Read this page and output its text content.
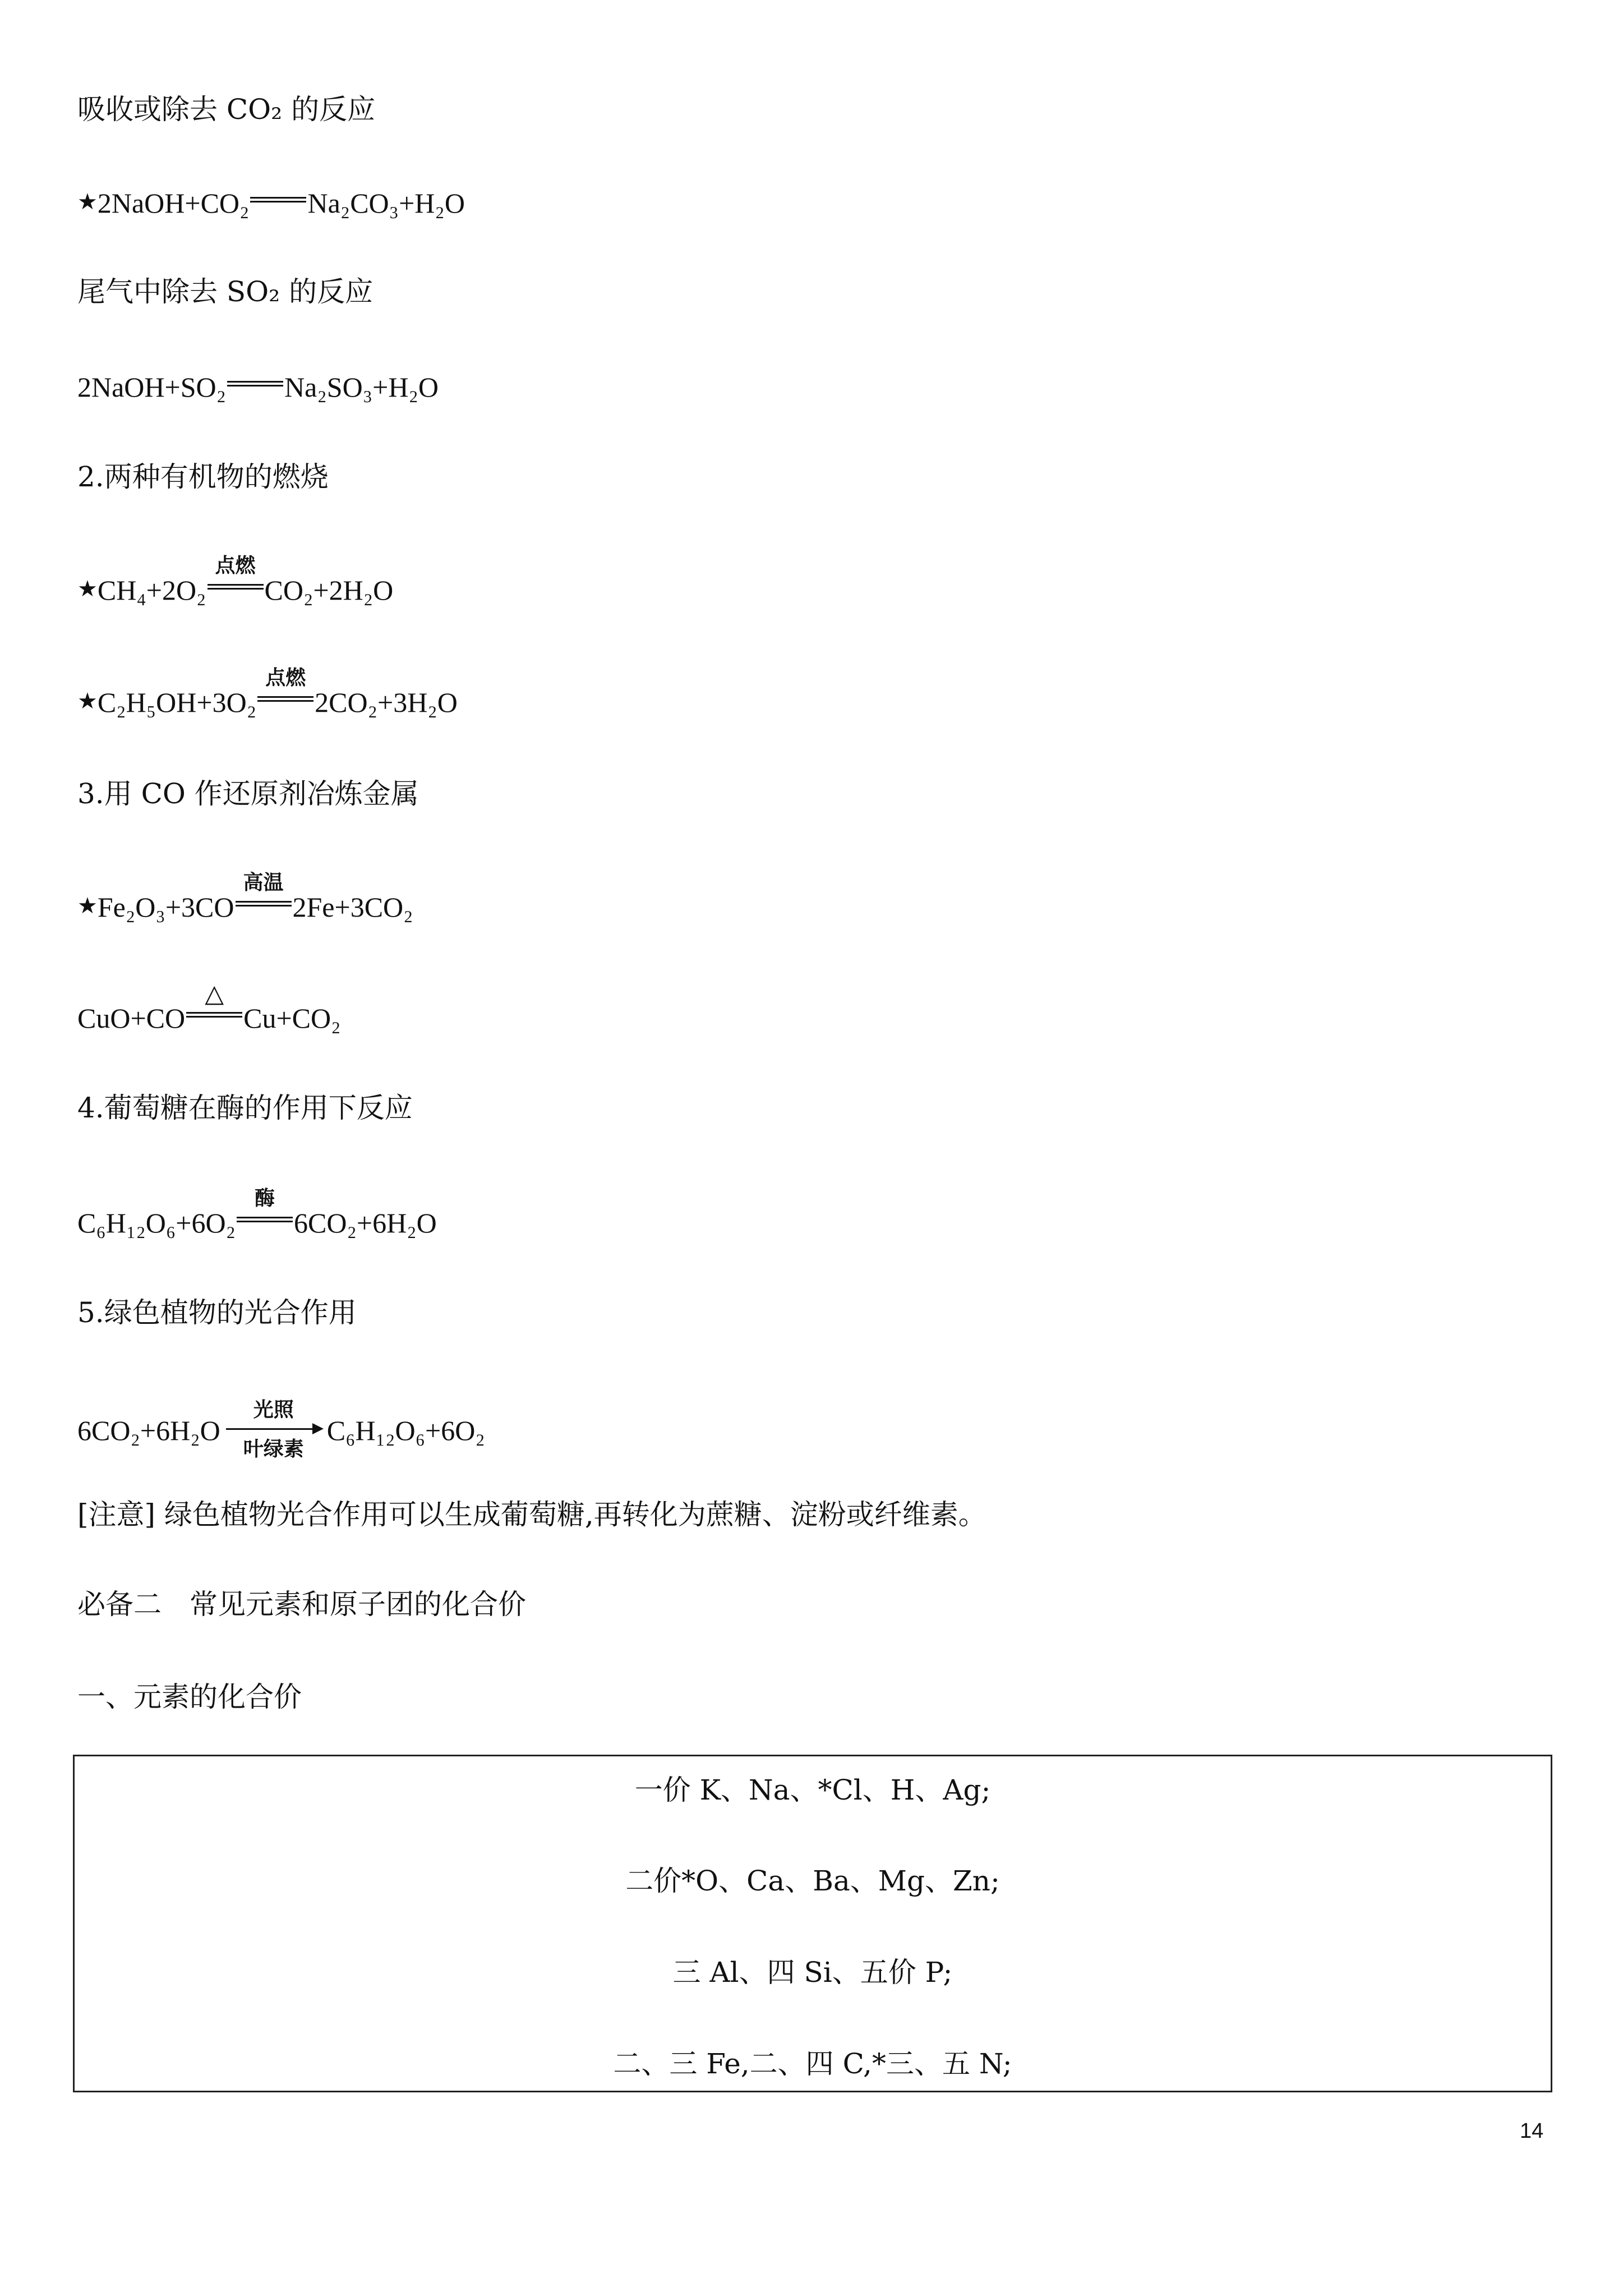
吸收或除去 CO₂ 的反应
★2NaOH+CO₂ Na₂CO₃+H₂O
尾气中除去 SO₂ 的反应
2NaOH+SO₂ Na₂SO₃+H₂O
2.两种有机物的燃烧
★CH₄+2O₂
点燃
CO₂+2H₂O
★C₂H₅OH+3O₂
点燃
2CO₂+3H₂O
3.用 CO 作还原剂冶炼金属
★Fe₂O₃+3CO
高温
2Fe+3CO₂
CuO+CO
△
Cu+CO₂
4.葡萄糖在酶的作用下反应
C₆H₁₂O₆+6O₂
酶
6CO₂+6H₂O
5.绿色植物的光合作用
6CO₂+6H₂O
光照
叶绿素
C₆H₁₂O₆+6O₂
[注意] 绿色植物光合作用可以生成葡萄糖,再转化为蔗糖、淀粉或纤维素。
必备二　常见元素和原子团的化合价
一、元素的化合价
一价 K、Na、*Cl、H、Ag;
二价*O、Ca、Ba、Mg、Zn;
三 Al、四 Si、五价 P;
二、三 Fe,二、四 C,*三、五 N;
14
